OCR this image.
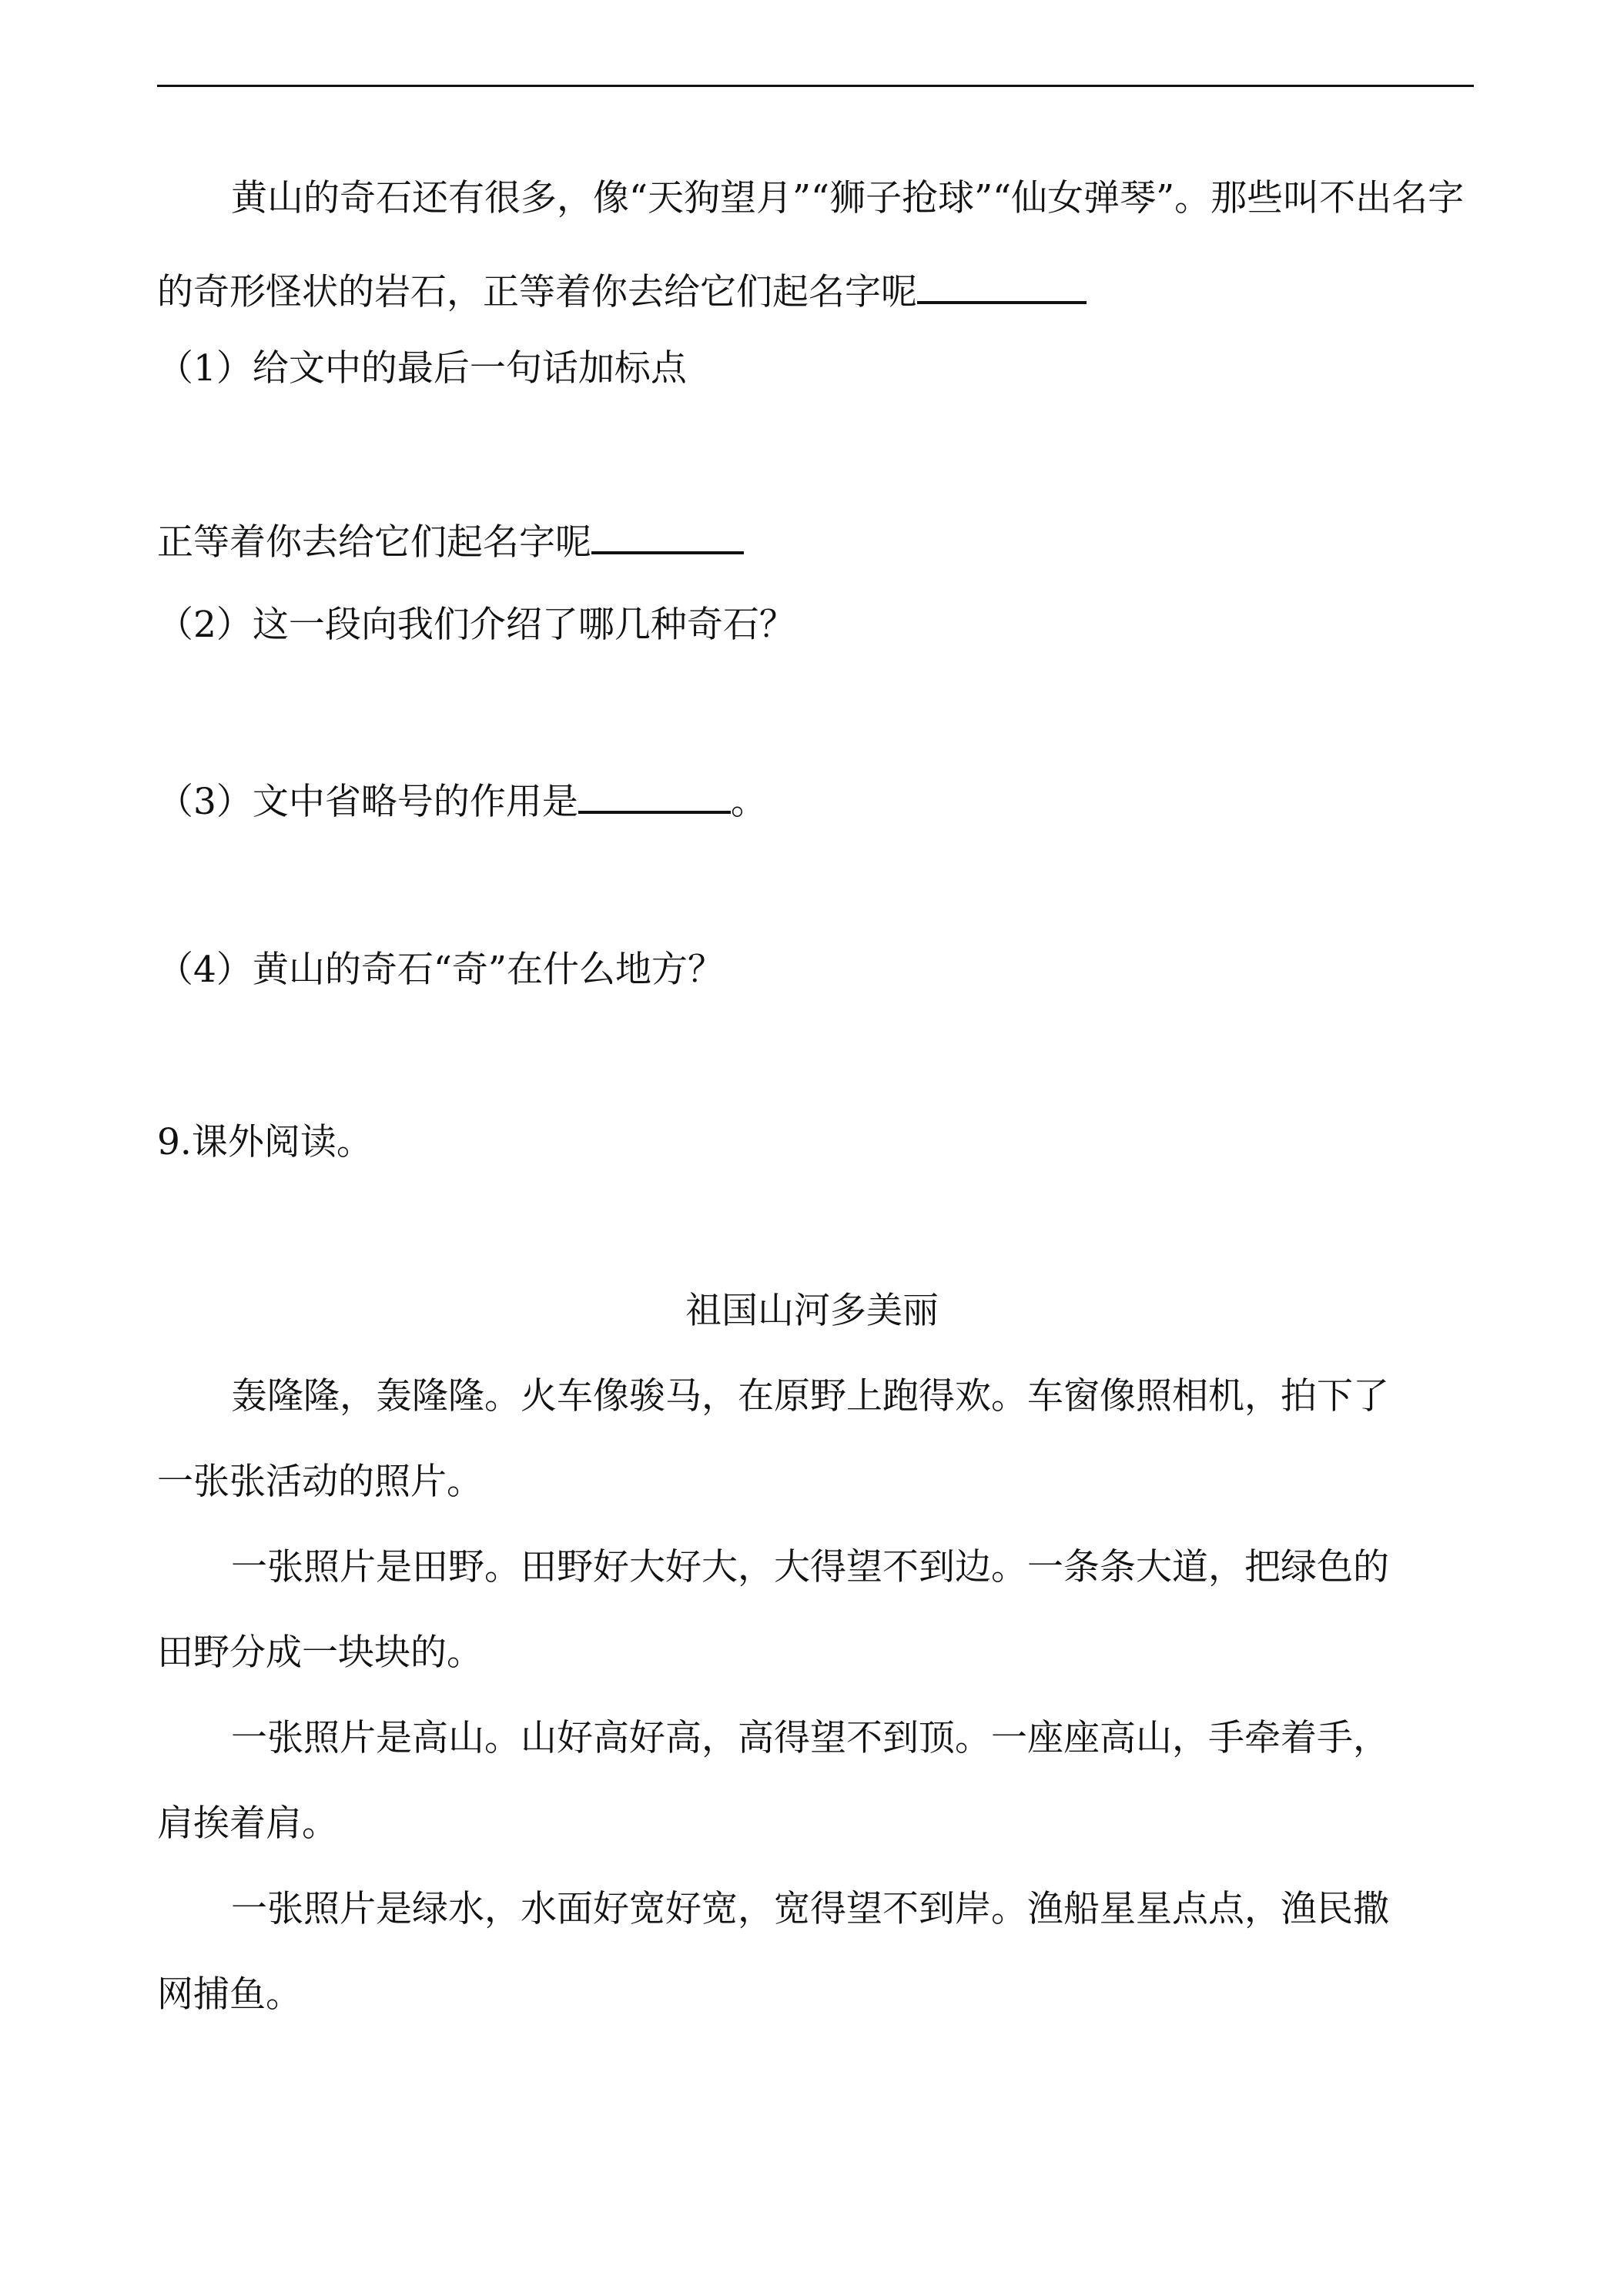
黄山的奇石还有很多，像“天狗望月”“狮子抢球”“仙女弹琴”。那些叫不出名字
的奇形怪状的岩石，正等着你去给它们起名字呢
（1）给文中的最后一句话加标点
正等着你去给它们起名字呢
（2）这一段向我们介绍了哪几种奇石？
（3）文中省略号的作用是	。
（4）黄山的奇石“奇”在什么地方？
9.课外阅读。
祖国山河多美丽
轰隆隆，轰隆隆。火车像骏马，在原野上跑得欢。车窗像照相机，拍下了
一张张活动的照片。
一张照片是田野。田野好大好大，大得望不到边。一条条大道，把绿色的
田野分成一块块的。
一张照片是高山。山好高好高，高得望不到顶。一座座高山，手牵着手，
肩挨着肩。
一张照片是绿水，水面好宽好宽，宽得望不到岸。渔船星星点点，渔民撒
网捕鱼。
